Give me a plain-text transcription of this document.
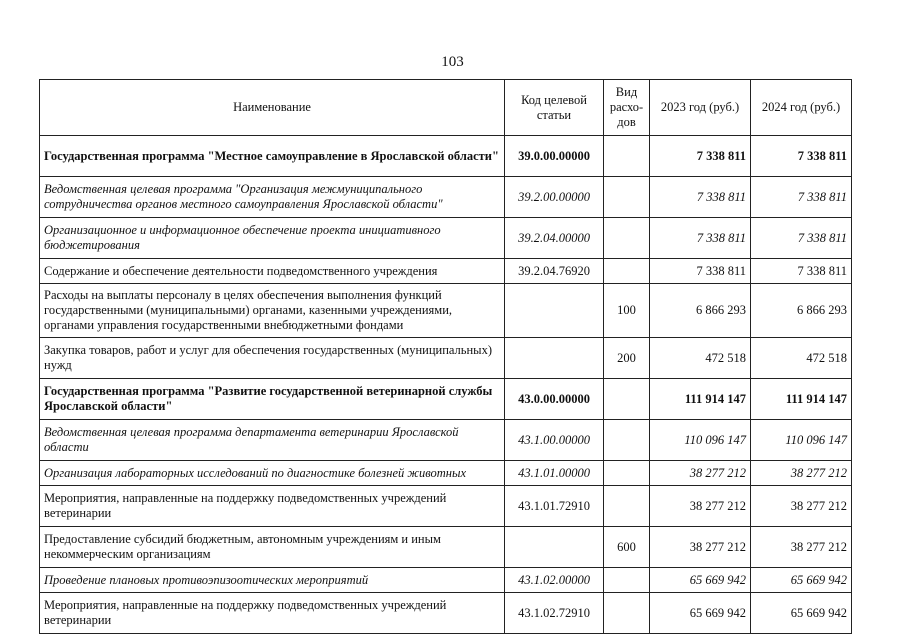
103
Наименование	Код целевой статьи	Вид расхо-дов	2023 год (руб.)	2024 год (руб.)
Государственная программа "Местное самоуправление в Ярославской области"	39.0.00.00000		7 338 811	7 338 811
Ведомственная целевая программа "Организация межмуниципального сотрудничества органов местного самоуправления Ярославской области"	39.2.00.00000		7 338 811	7 338 811
Организационное и информационное обеспечение проекта инициативного бюджетирования	39.2.04.00000		7 338 811	7 338 811
Содержание и обеспечение деятельности подведомственного учреждения	39.2.04.76920		7 338 811	7 338 811
Расходы на выплаты персоналу в целях обеспечения выполнения функций государственными (муниципальными) органами, казенными учреждениями, органами управления государственными внебюджетными фондами		100	6 866 293	6 866 293
Закупка товаров, работ и услуг для обеспечения государственных (муниципальных) нужд		200	472 518	472 518
Государственная программа "Развитие государственной ветеринарной службы Ярославской области"	43.0.00.00000		111 914 147	111 914 147
Ведомственная целевая программа департамента ветеринарии Ярославской области	43.1.00.00000		110 096 147	110 096 147
Организация лабораторных исследований по диагностике болезней животных	43.1.01.00000		38 277 212	38 277 212
Мероприятия, направленные на поддержку подведомственных учреждений ветеринарии	43.1.01.72910		38 277 212	38 277 212
Предоставление субсидий бюджетным, автономным учреждениям и иным некоммерческим организациям		600	38 277 212	38 277 212
Проведение плановых противоэпизоотических мероприятий	43.1.02.00000		65 669 942	65 669 942
Мероприятия, направленные на поддержку подведомственных учреждений ветеринарии	43.1.02.72910		65 669 942	65 669 942
